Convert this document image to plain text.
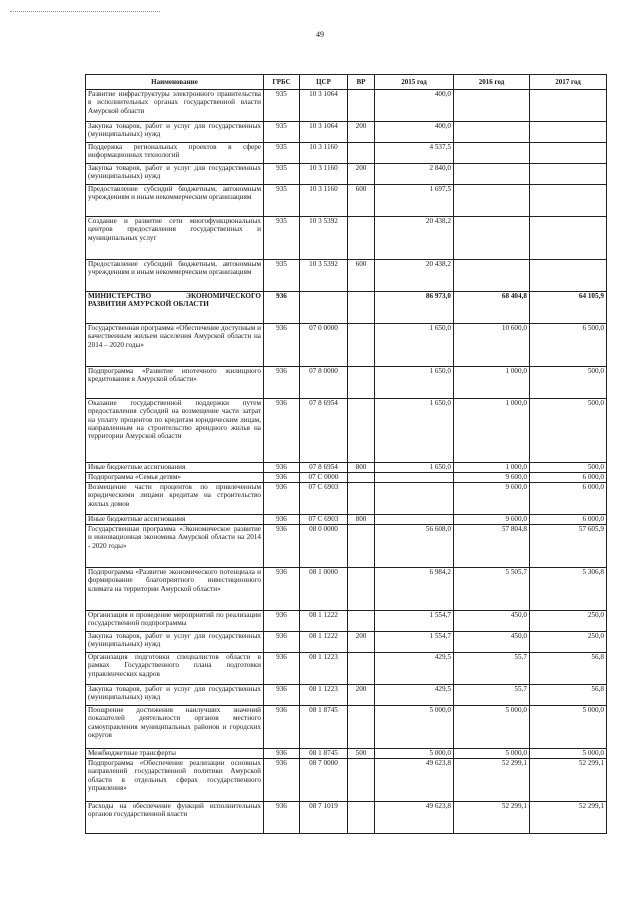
49
Наименование	ГРБС	ЦСР	ВР	2015 год	2016 год	2017 год
Развитие инфраструктуры электронного правительства в исполнительных органах государственной власти Амурской области	935	10 3 1064		400,0		
Закупка товаров, работ и услуг для государственных (муниципальных) нужд	935	10 3 1064	200	400,0		
Поддержка региональных проектов в сфере информационных технологий	935	10 3 1160		4 537,5		
Закупка товаров, работ и услуг для государственных (муниципальных) нужд	935	10 3 1160	200	2 840,0		
Предоставление субсидий бюджетным, автономным учреждениям и иным некоммерческим организациям	935	10 3 1160	600	1 697,5		
Создание и развитие сети многофункциональных центров предоставления государственных и муниципальных услуг	935	10 3 5392		20 438,2		
Предоставление субсидий бюджетным, автономным учреждениям и иным некоммерческим организациям	935	10 3 5392	600	20 438,2		
МИНИСТЕРСТВО ЭКОНОМИЧЕСКОГО РАЗВИТИЯ АМУРСКОЙ ОБЛАСТИ	936			86 973,0	68 404,8	64 105,9
Государственная программа «Обеспечение доступным и качественным жильем населения Амурской области на 2014 – 2020 годы»	936	07 0 0000		1 650,0	10 600,0	6 500,0
Подпрограмма «Развитие ипотечного жилищного кредитования в Амурской области»	936	07 8 0000		1 650,0	1 000,0	500,0
Оказание государственной поддержки путем предоставления субсидий на возмещение части затрат на уплату процентов по кредитам юридическим лицам, направленным на строительство арендного жилья на территории Амурской области	936	07 8 6954		1 650,0	1 000,0	500,0
Иные бюджетные ассигнования	936	07 8 6954	800	1 650,0	1 000,0	500,0
Подпрограмма «Семья детям»	936	07 C 0000			9 600,0	6 000,0
Возмещение части процентов по привлеченным юридическими лицами кредитам на строительство жилых домов	936	07 C 6903			9 600,0	6 000,0
Иные бюджетные ассигнования	936	07 C 6903	800		9 600,0	6 000,0
Государственная программа «Экономическое развитие и инновационная экономика Амурской области на 2014 - 2020 годы»	936	08 0 0000		56 608,0	57 804,8	57 605,9
Подпрограмма «Развитие экономического потенциала и формирование благоприятного инвестиционного климата на территории Амурской области»	936	08 1 0000		6 984,2	5 505,7	5 306,8
Организация и проведение мероприятий по реализации государственной подпрограммы	936	08 1 1222		1 554,7	450,0	250,0
Закупка товаров, работ и услуг для государственных (муниципальных) нужд	936	08 1 1222	200	1 554,7	450,0	250,0
Организация подготовки специалистов области в рамках Государственного плана подготовки управленческих кадров	936	08 1 1223		429,5	55,7	56,8
Закупка товаров, работ и услуг для государственных (муниципальных) нужд	936	08 1 1223	200	429,5	55,7	56,8
Поощрение достижения наилучших значений показателей деятельности органов местного самоуправления муниципальных районов и городских округов	936	08 1 8745		5 000,0	5 000,0	5 000,0
Межбюджетные трансферты	936	08 1 8745	500	5 000,0	5 000,0	5 000,0
Подпрограмма «Обеспечение реализации основных направлений государственной политики Амурской области в отдельных сферах государственного управления»	936	08 7 0000		49 623,8	52 299,1	52 299,1
Расходы на обеспечение функций исполнительных органов государственной власти	936	08 7 1019		49 623,8	52 299,1	52 299,1
